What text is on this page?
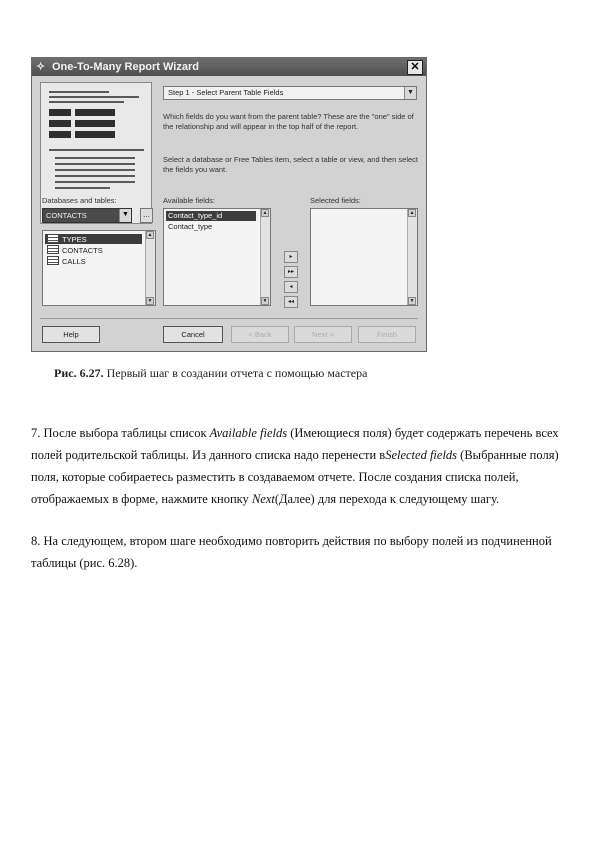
✧ One-To-Many Report Wizard	✕
Step 1 - Select Parent Table Fields	▼
Which fields do you want from the parent table? These are the "one" side of the relationship and will appear in the top half of the report.
Select a database or Free Tables item, select a table or view, and then select the fields you want.
Databases and tables:
CONTACTS	▼	...
TYPES
CONTACTS
CALLS
▲
▼
Available fields:
Contact_type_id
Contact_type
▲
▼
▸
▸▸
◂
◂◂
Selected fields:
▲
▼
Help	Cancel	< Back	Next >	Finish
Рис. 6.27. Первый шаг в создании отчета с помощью мастера
7. После выбора таблицы список Available fields (Имеющиеся поля) будет содержать перечень всех полей родительской таблицы. Из данного списка надо перенести вSelected fields (Выбранные поля) поля, которые собираетесь разместить в создаваемом отчете. После создания списка полей, отображаемых в форме, нажмите кнопку Next(Далее) для перехода к следующему шагу.
8. На следующем, втором шаге необходимо повторить действия по выбору полей из подчиненной таблицы (рис. 6.28).
